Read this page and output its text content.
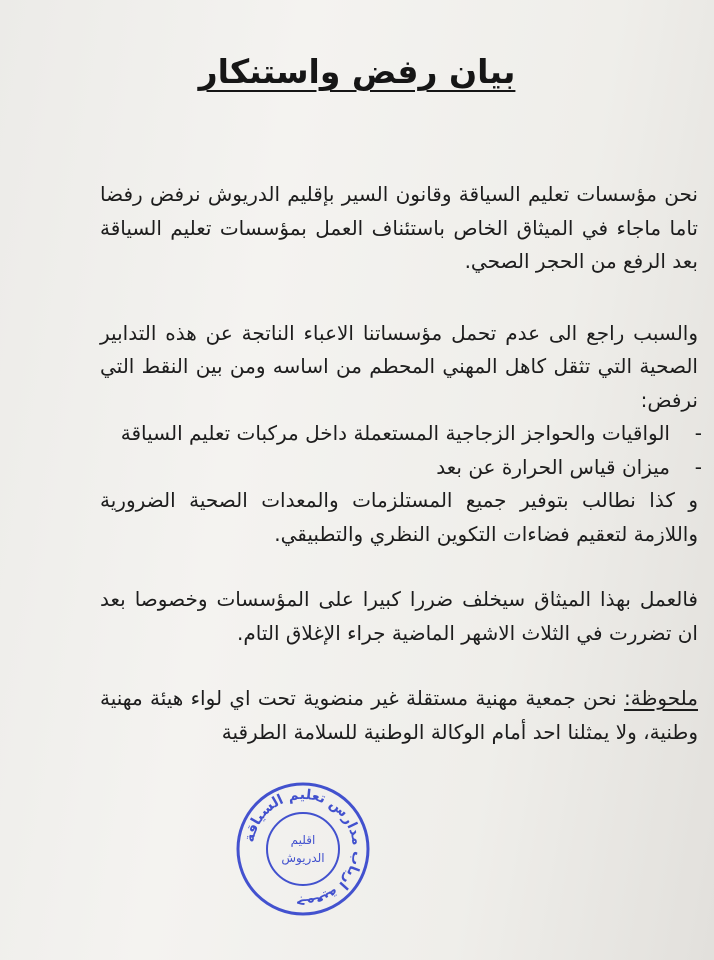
بيان رفض واستنكار

نحن مؤسسات تعليم السياقة وقانون السير بإقليم الدريوش نرفض رفضا تاما ماجاء في الميثاق الخاص باستئناف العمل بمؤسسات تعليم السياقة بعد الرفع من الحجر الصحي.

والسبب راجع الى عدم تحمل مؤسساتنا الاعباء الناتجة عن هذه التدابير الصحية التي تثقل كاهل المهني المحطم من اساسه ومن بين النقط التي نرفض:

-
الواقيات والحواجز الزجاجية المستعملة داخل مركبات تعليم السياقة
-
ميزان قياس الحرارة عن بعد

و كذا نطالب بتوفير جميع المستلزمات والمعدات الصحية الضرورية واللازمة لتعقيم فضاءات التكوين النظري والتطبيقي.

فالعمل بهذا الميثاق سيخلف ضررا كبيرا على المؤسسات وخصوصا بعد ان تضررت في الثلاث الاشهر الماضية جراء الإغلاق التام.

ملحوظة: نحن جمعية مهنية مستقلة غير منضوية تحت اي لواء هيئة مهنية وطنية، ولا يمثلنا احد أمام الوكالة الوطنية للسلامة الطرقية

جمعية ارباب مدارس تعليم السياقة
اقليم
الدريوش
